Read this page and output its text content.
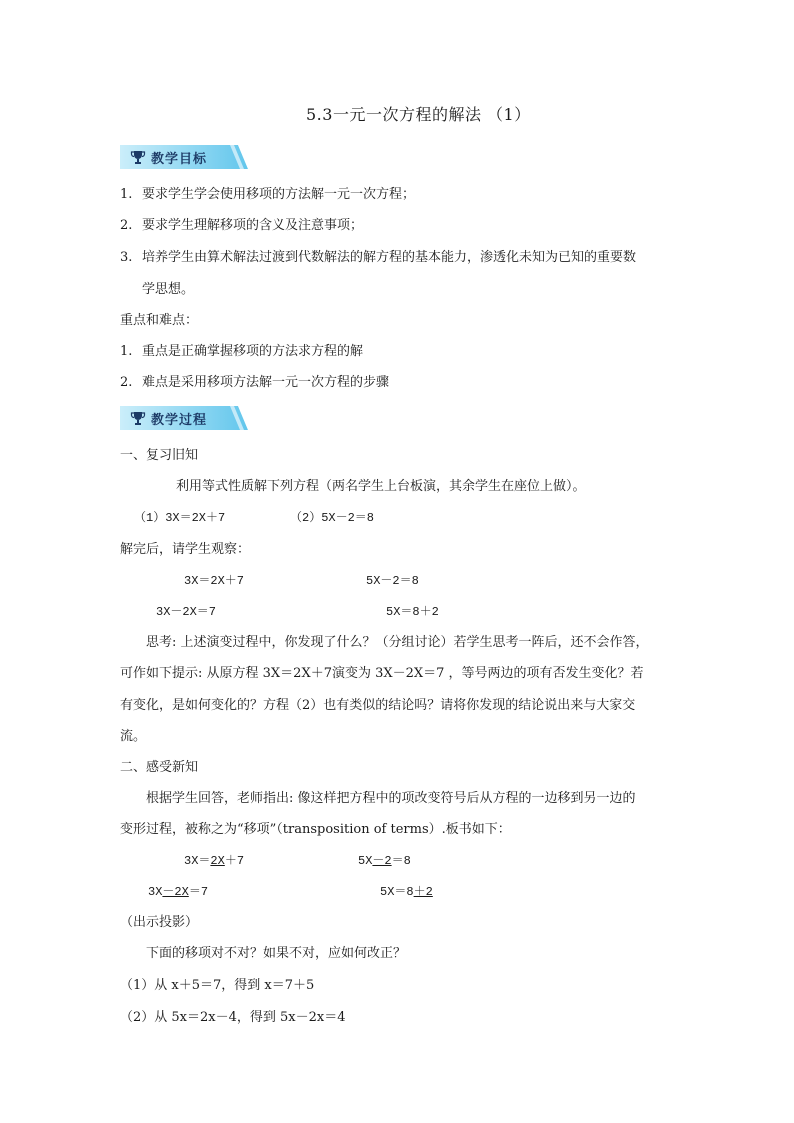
5.3一元一次方程的解法 （1）
教学目标
1. 要求学生学会使用移项的方法解一元一次方程；
2. 要求学生理解移项的含义及注意事项；
3. 培养学生由算术解法过渡到代数解法的解方程的基本能力，渗透化未知为已知的重要数
学思想。
重点和难点：
1. 重点是正确掌握移项的方法求方程的解
2. 难点是采用移项方法解一元一次方程的步骤
教学过程
一、复习旧知
利用等式性质解下列方程（两名学生上台板演，其余学生在座位上做）。
（1）3X＝2X＋7	（2）5X－2＝8
解完后，请学生观察：
3X＝2X＋7	5X－2＝8
3X－2X＝7	5X＝8＋2
思考: 上述演变过程中，你发现了什么？（分组讨论）若学生思考一阵后，还不会作答，
可作如下提示: 从原方程 3X＝2X＋7演变为 3X－2X＝7 ，等号两边的项有否发生变化？若
有变化，是如何变化的？方程（2）也有类似的结论吗？请将你发现的结论说出来与大家交
流。
二、感受新知
根据学生回答，老师指出: 像这样把方程中的项改变符号后从方程的一边移到另一边的
变形过程，被称之为“移项”（transposition of terms）.板书如下：
3X＝2X＋7	5X－2＝8
3X－2X＝7	5X＝8＋2
（出示投影）
下面的移项对不对？如果不对，应如何改正？
（1）从 x＋5＝7，得到 x＝7＋5
（2）从 5x＝2x－4，得到 5x－2x＝4
